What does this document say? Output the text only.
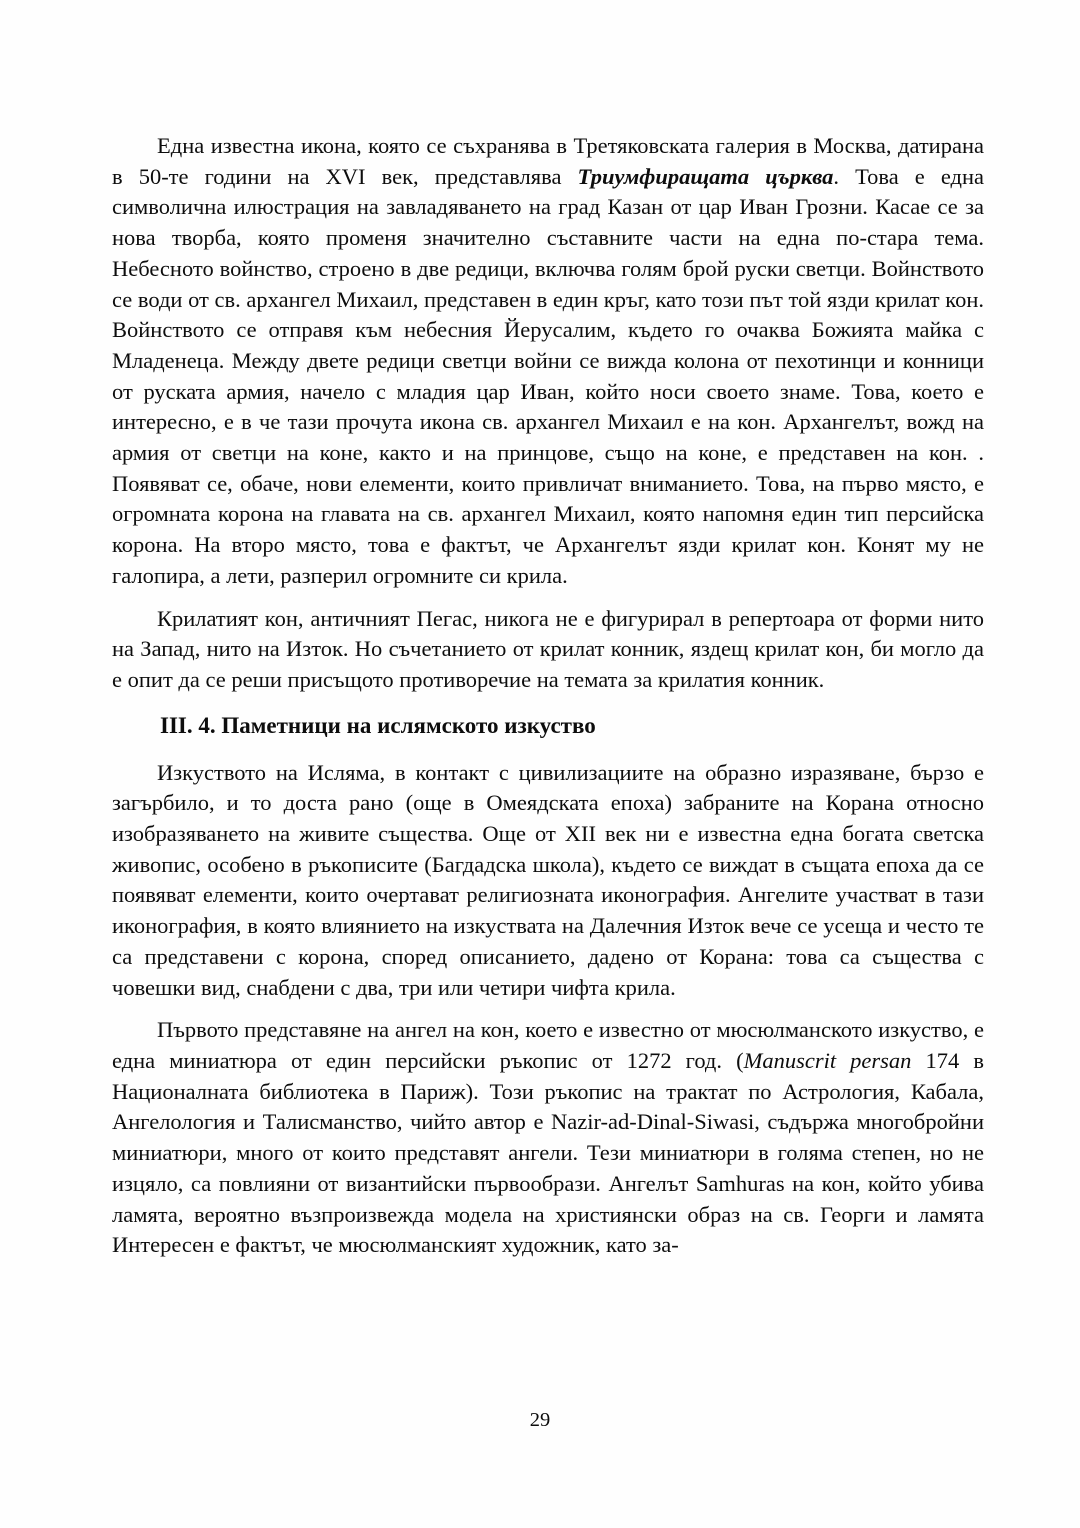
Една известна икона, която се съхранява в Третяковската галерия в Москва, датирана в 50-те години на XVI век, представлява Триумфиращата църква. Това е една символична илюстрация на завладяването на град Казан от цар Иван Грозни. Касае се за нова творба, която променя значително съставните части на една по-стара тема. Небесното войнство, строено в две редици, включва голям брой руски светци. Войнството се води от св. архангел Михаил, представен в един кръг, като този път той язди крилат кон. Войнството се отправя към небесния Йерусалим, където го очаква Божията майка с Младенеца. Между двете редици светци войни се вижда колона от пехотинци и конници от руската армия, начело с младия цар Иван, който носи своето знаме. Това, което е интересно, е в че тази прочута икона св. архангел Михаил е на кон. Архангелът, вожд на армия от светци на коне, както и на принцове, също на коне, е представен на кон. . Появяват се, обаче, нови елементи, които привличат вниманието. Това, на първо място, е огромната корона на главата на св. архангел Михаил, която напомня един тип персийска корона. На второ място, това е фактът, че Архангелът язди крилат кон. Конят му не галопира, а лети, разперил огромните си крила.

Крилатият кон, античният Пегас, никога не е фигурирал в репертоара от форми нито на Запад, нито на Изток. Но съчетанието от крилат конник, яздещ крилат кон, би могло да е опит да се реши присъщото противоречие на темата за крилатия конник.

III. 4. Паметници на ислямското изкуство

Изкуството на Исляма, в контакт с цивилизациите на образно изразяване, бързо е загърбило, и то доста рано (още в Омеядската епоха) забраните на Корана относно изобразяването на живите същества. Още от XII век ни е известна една богата светска живопис, особено в ръкописите (Багдадска школа), където се виждат в същата епоха да се появяват елементи, които очертават религиозната иконография. Ангелите участват в тази иконография, в която влиянието на изкуствата на Далечния Изток вече се усеща и често те са представени с корона, според описанието, дадено от Корана: това са същества с човешки вид, снабдени с два, три или четири чифта крила.

Първото представяне на ангел на кон, което е известно от мюсюлманското изкуство, е една миниатюра от един персийски ръкопис от 1272 год. (Manuscrit persan 174 в Националната библиотека в Париж). Този ръкопис на трактат по Астрология, Кабала, Ангелология и Талисманство, чийто автор е Nazir-ad-Dinal-Siwasi, съдържа многобройни миниатюри, много от които представят ангели. Тези миниатюри в голяма степен, но не изцяло, са повлияни от византийски първообрази. Ангелът Samhuras на кон, който убива ламята, вероятно възпроизвежда модела на християнски образ на св. Георги и ламята Интересен е фактът, че мюсюлманският художник, като за-

29
